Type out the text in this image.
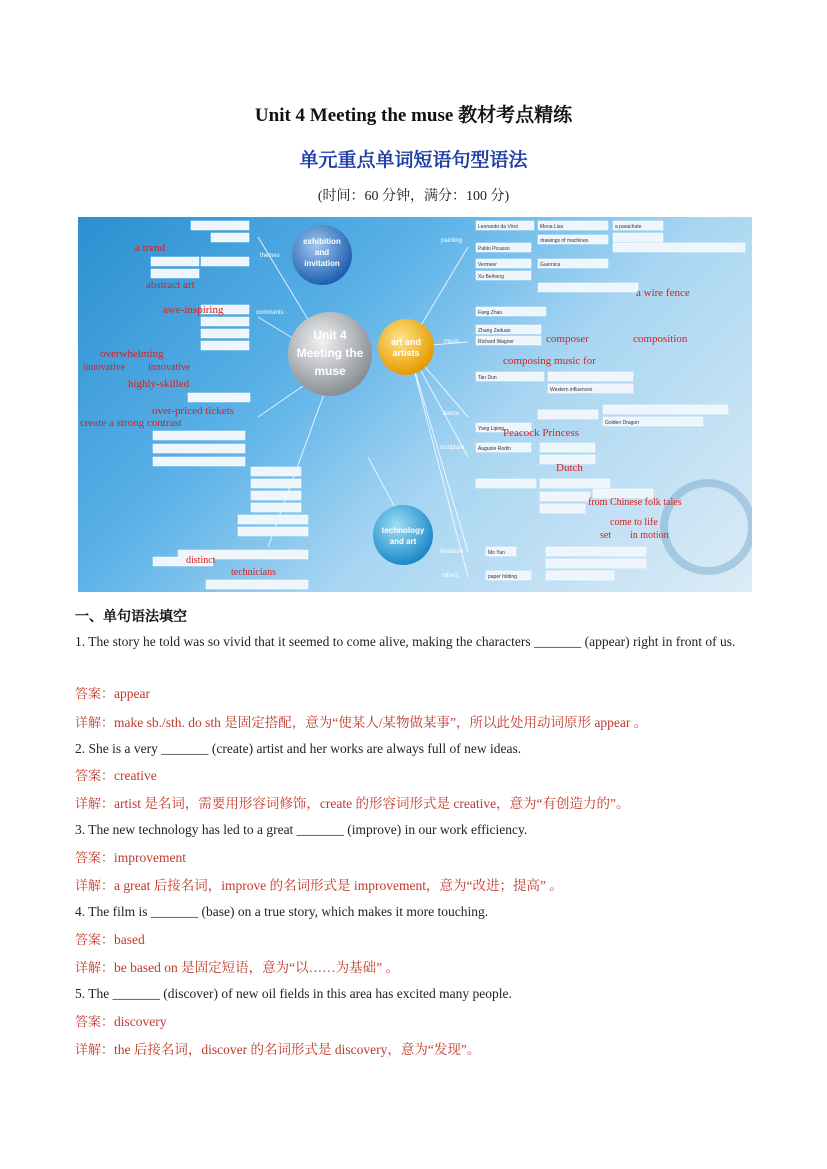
Unit 4 Meeting the muse 教材考点精练
单元重点单词短语句型语法
(时间：60 分钟，满分：100 分)
exhibition
and
invitation
Unit 4
Meeting the
muse
art and
artists
technology
and art
themes
comments
painting
music
dance
sculpture
literature
others
Leonardo da Vinci
Pablo Picasso
Vermeer
Xu Beihong
Mona Lisa
drawings of machines
Guernica
a parachute
Fang Zhao
Zhang Zeduan
Richard Wagner
Tan Dun
Yang Liping
Auguste Rodin
Mo Yan
paper folding
Western influences
Golden Dragon
a trend
abstract art
awe-inspiring
overwhelming
innovative innovative
highly-skilled
over-priced tickets
create a strong contrast
distinct
technicians
a wire fence
composer	composition
composing music for
Peacock Princess
Dutch
from Chinese folk tales
come to life
set in motion
一、单句语法填空
1. The story he told was so vivid that it seemed to come alive, making the characters _______ (appear) right in front of us.
答案：appear
详解：make sb./sth. do sth 是固定搭配，意为“使某人/某物做某事”，所以此处用动词原形 appear 。
2. She is a very _______ (create) artist and her works are always full of new ideas.
答案：creative
详解：artist 是名词，需要用形容词修饰，create 的形容词形式是 creative，意为“有创造力的”。
3. The new technology has led to a great _______ (improve) in our work efficiency.
答案：improvement
详解：a great 后接名词，improve 的名词形式是 improvement，意为“改进；提高” 。
4. The film is _______ (base) on a true story, which makes it more touching.
答案：based
详解：be based on 是固定短语，意为“以……为基础” 。
5. The _______ (discover) of new oil fields in this area has excited many people.
答案：discovery
详解：the 后接名词，discover 的名词形式是 discovery，意为“发现”。
